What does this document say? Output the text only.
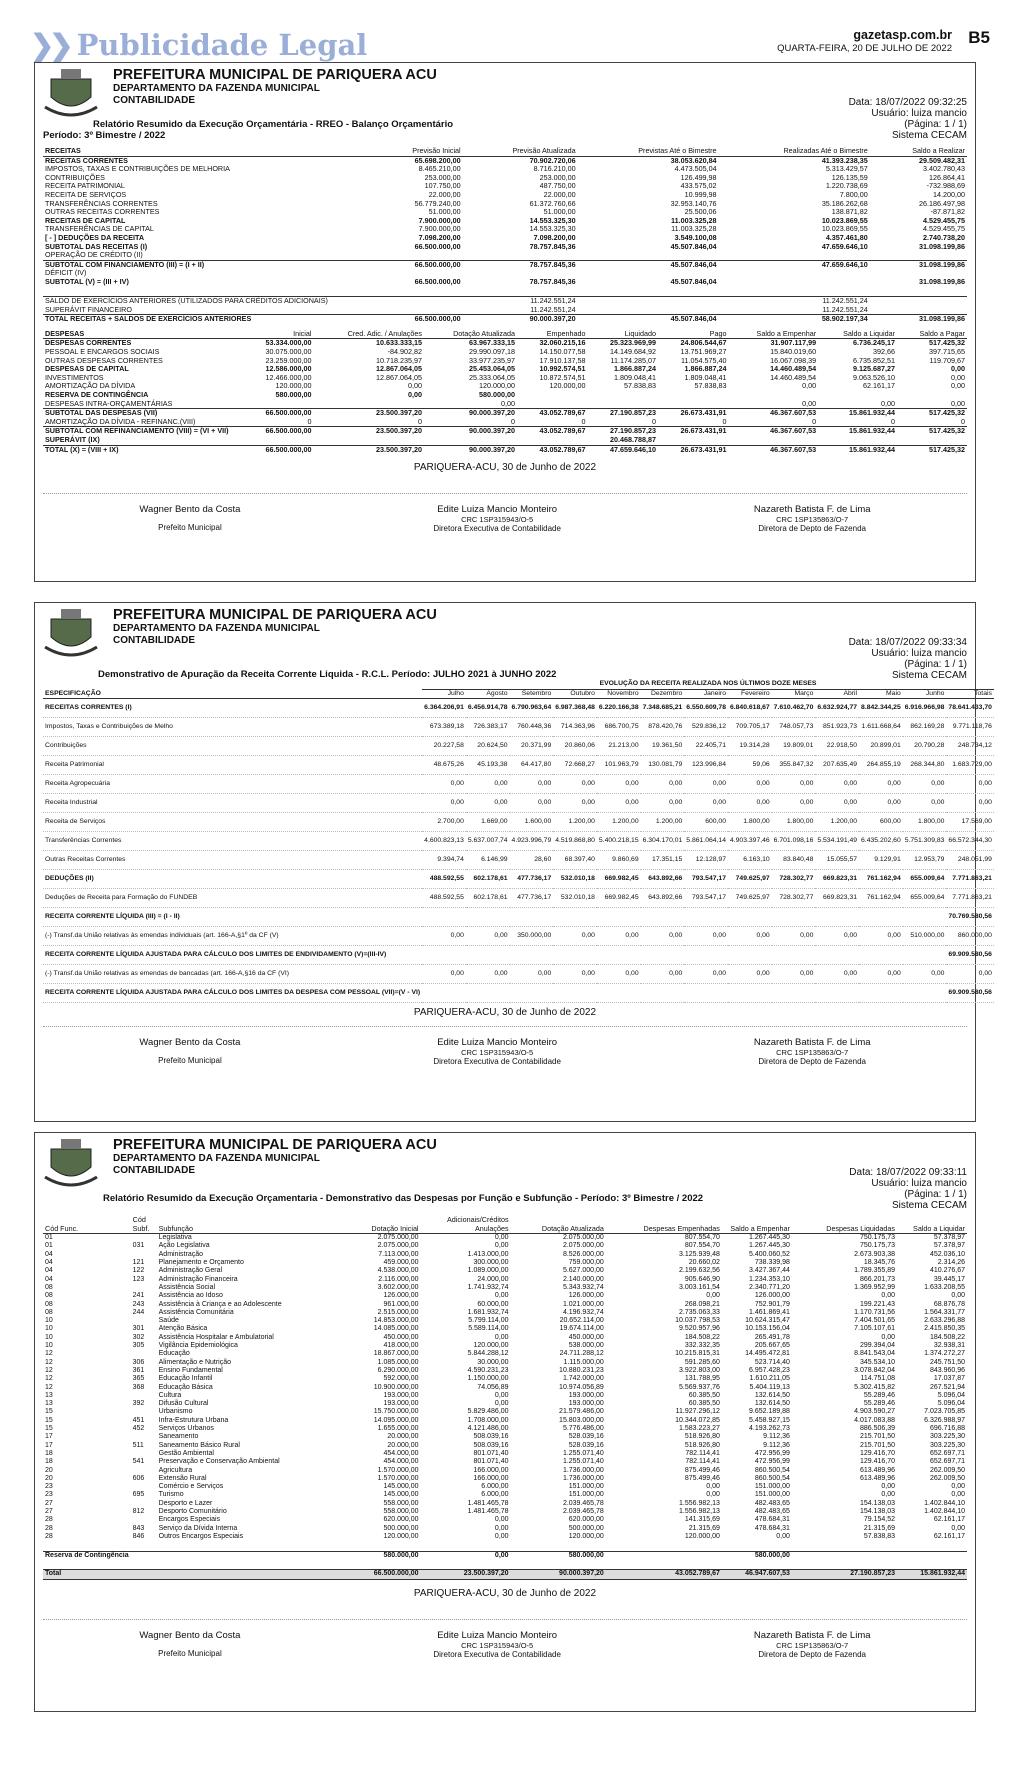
❯❯ Publicidade Legal	gazetasp.com.br
QUARTA-FEIRA, 20 DE JULHO DE 2022
B5
PREFEITURA MUNICIPAL DE PARIQUERA ACU
DEPARTAMENTO DA FAZENDA MUNICIPAL
CONTABILIDADE	Data: 18/07/2022 09:32:25
Usuário: luiza mancio
(Página: 1 / 1)
Sistema CECAM
Relatório Resumido da Execução Orçamentária - RREO - Balanço Orçamentário
Período: 3º Bimestre / 2022
RECEITAS	Previsão Inicial	Previsão Atualizada	Previstas Até o Bimestre	Realizadas Até o Bimestre	Saldo a Realizar
RECEITAS CORRENTES	65.698.200,00	70.902.720,06	38.053.620,84	41.393.238,35	29.509.482,31
IMPOSTOS, TAXAS E CONTRIBUIÇÕES DE MELHORIA	8.465.210,00	8.716.210,00	4.473.505,04	5.313.429,57	3.402.780,43
CONTRIBUIÇÕES	253.000,00	253.000,00	126.499,98	126.135,59	126.864,41
RECEITA PATRIMONIAL	107.750,00	487.750,00	433.575,02	1.220.738,69	-732.988,69
RECEITA DE SERVIÇOS	22.000,00	22.000,00	10.999,98	7.800,00	14.200,00
TRANSFERÊNCIAS CORRENTES	56.779.240,00	61.372.760,66	32.953.140,76	35.186.262,68	26.186.497,98
OUTRAS RECEITAS CORRENTES	51.000,00	51.000,00	25.500,06	138.871,82	-87.871,82
RECEITAS DE CAPITAL	7.900.000,00	14.553.325,30	11.003.325,28	10.023.869,55	4.529.455,75
TRANSFERÊNCIAS DE CAPITAL	7.900.000,00	14.553.325,30	11.003.325,28	10.023.869,55	4.529.455,75
[ - ] DEDUÇÕES DA RECEITA	7.098.200,00	7.098.200,00	3.549.100,08	4.357.461,80	2.740.738,20
SUBTOTAL DAS RECEITAS (I)	66.500.000,00	78.757.845,36	45.507.846,04	47.659.646,10	31.098.199,86
OPERAÇÃO DE CRÉDITO (II)					
SUBTOTAL COM FINANCIAMENTO (III) = (I + II)	66.500.000,00	78.757.845,36	45.507.846,04	47.659.646,10	31.098.199,86
DÉFICIT (IV)					
SUBTOTAL (V) = (III + IV)	66.500.000,00	78.757.845,36	45.507.846,04		31.098.199,86

SALDO DE EXERCÍCIOS ANTERIORES (UTILIZADOS PARA CRÉDITOS ADICIONAIS)		11.242.551,24		11.242.551,24	
SUPERÁVIT FINANCEIRO		11.242.551,24		11.242.551,24	
TOTAL RECEITAS + SALDOS DE EXERCÍCIOS ANTERIORES	66.500.000,00	90.000.397,20	45.507.846,04	58.902.197,34	31.098.199,86
DESPESAS	Inicial	Cred. Adic. / Anulações	Dotação Atualizada	Empenhado	Liquidado	Pago	Saldo a Empenhar	Saldo a Liquidar	Saldo a Pagar
DESPESAS CORRENTES	53.334.000,00	10.633.333,15	63.967.333,15	32.060.215,16	25.323.969,99	24.806.544,67	31.907.117,99	6.736.245,17	517.425,32
PESSOAL E ENCARGOS SOCIAIS	30.075.000,00	-84.902,82	29.990.097,18	14.150.077,58	14.149.684,92	13.751.969,27	15.840.019,60	392,66	397.715,65
OUTRAS DESPESAS CORRENTES	23.259.000,00	10.718.235,97	33.977.235,97	17.910.137,58	11.174.285,07	11.054.575,40	16.067.098,39	6.735.852,51	119.709,67
DESPESAS DE CAPITAL	12.586.000,00	12.867.064,05	25.453.064,05	10.992.574,51	1.866.887,24	1.866.887,24	14.460.489,54	9.125.687,27	0,00
INVESTIMENTOS	12.466.000,00	12.867.064,05	25.333.064,05	10.872.574,51	1.809.048,41	1.809.048,41	14.460.489,54	9.063.526,10	0,00
AMORTIZAÇÃO DA DÍVIDA	120.000,00	0,00	120.000,00	120.000,00	57.838,83	57.838,83	0,00	62.161,17	0,00
RESERVA DE CONTINGÊNCIA	580.000,00	0,00	580.000,00						
DESPESAS INTRA-ORÇAMENTÁRIAS			0,00				0,00	0,00	0,00
SUBTOTAL DAS DESPESAS (VII)	66.500.000,00	23.500.397,20	90.000.397,20	43.052.789,67	27.190.857,23	26.673.431,91	46.367.607,53	15.861.932,44	517.425,32
AMORTIZAÇÃO DA DÍVIDA - REFINANC.(VIII)	0	0	0	0	0	0	0	0	0
SUBTOTAL COM REFINANCIAMENTO (VIII) = (VI + VII)	66.500.000,00	23.500.397,20	90.000.397,20	43.052.789,67	27.190.857,23	26.673.431,91	46.367.607,53	15.861.932,44	517.425,32
SUPERÁVIT (IX)					20.468.788,87				
TOTAL (X) = (VIII + IX)	66.500.000,00	23.500.397,20	90.000.397,20	43.052.789,67	47.659.646,10	26.673.431,91	46.367.607,53	15.861.932,44	517.425,32
PARIQUERA-ACU, 30 de Junho de 2022
Wagner Bento da Costa
Prefeito Municipal
Edite Luiza Mancio Monteiro
CRC 1SP315943/O-5
Diretora Executiva de Contabilidade
Nazareth Batista F. de Lima
CRC 1SP135863/O-7
Diretora de Depto de Fazenda
PREFEITURA MUNICIPAL DE PARIQUERA ACU
DEPARTAMENTO DA FAZENDA MUNICIPAL
CONTABILIDADE	Data: 18/07/2022 09:33:34
Usuário: luiza mancio
(Página: 1 / 1)
Sistema CECAM
Demonstrativo de Apuração da Receita Corrente Liquida - R.C.L. Período: JULHO 2021 à JUNHO 2022
ESPECIFICAÇÃO	EVOLUÇÃO DA RECEITA REALIZADA NOS ÚLTIMOS DOZE MESES												
	Julho	Agosto	Setembro	Outubro	Novembro	Dezembro	Janeiro	Fevereiro	Março	Abril	Maio	Junho	Totais
RECEITAS CORRENTES (I)	6.364.206,91	6.456.914,78	6.790.963,64	6.987.368,48	6.220.166,38	7.348.685,21	6.550.609,78	6.840.618,67	7.610.462,70	6.632.924,77	8.842.344,25	6.916.966,98	78.641.433,70
Impostos, Taxas e Contribuições de Melho	673.389,18	726.383,17	760.448,36	714.363,96	686.700,75	878.420,76	529.836,12	709.705,17	748.057,73	851.923,73	1.611.668,64	862.169,28	9.771.118,76
Contribuições	20.227,58	20.624,50	20.371,99	20.860,06	21.213,00	19.361,50	22.405,71	19.314,28	19.809,01	22.918,50	20.899,01	20.790,28	248.734,12
Receita Patrimonial	48.675,26	45.193,38	64.417,80	72.668,27	101.963,79	130.081,79	123.996,84	59,06	355.847,32	207.635,49	264.855,19	268.344,80	1.683.729,00
Receita Agropecuária	0,00	0,00	0,00	0,00	0,00	0,00	0,00	0,00	0,00	0,00	0,00	0,00	0,00
Receita Industrial	0,00	0,00	0,00	0,00	0,00	0,00	0,00	0,00	0,00	0,00	0,00	0,00	0,00
Receita de Serviços	2.700,00	1.669,00	1.600,00	1.200,00	1.200,00	1.200,00	600,00	1.800,00	1.800,00	1.200,00	600,00	1.800,00	17.569,00
Transferências Correntes	4.600.823,13	5.637.007,74	4.923.996,79	4.519.868,80	5.400.218,15	6.304.170,01	5.861.064,14	4.903.397,46	6.701.098,16	5.534.191,49	6.435.202,60	5.751.309,83	66.572.344,30
Outras Receitas Correntes	9.394,74	6.146,99	28,60	68.397,40	9.860,69	17.351,15	12.128,97	6.163,10	83.840,48	15.055,57	9.129,91	12.953,79	248.051,99
DEDUÇÕES (II)	488.592,55	602.178,61	477.736,17	532.010,18	669.982,45	643.892,66	793.547,17	749.625,97	728.302,77	669.823,31	761.162,94	655.009,64	7.771.863,21
Deduções de Receita para Formação do FUNDEB	488.592,55	602.178,61	477.736,17	532.010,18	669.982,45	643.892,66	793.547,17	749.625,97	728.302,77	669.823,31	761.162,94	655.009,64	7.771.863,21
RECEITA CORRENTE LÍQUIDA (III) = (I - II)													70.769.580,56
(-) Transf.da União relativas às emendas individuais (art. 166-A,§1º da CF (V)	0,00	0,00	350.000,00	0,00	0,00	0,00	0,00	0,00	0,00	0,00	0,00	510.000,00	860.000,00
RECEITA CORRENTE LÍQUIDA AJUSTADA PARA CÁLCULO DOS LIMITES DE ENDIVIDAMENTO (V)=(III-IV)													69.909.580,56
(-) Transf.da União relativas as emendas de bancadas (art. 166-A,§16 da CF (VI)	0,00	0,00	0,00	0,00	0,00	0,00	0,00	0,00	0,00	0,00	0,00	0,00	0,00
RECEITA CORRENTE LÍQUIDA AJUSTADA PARA CÁLCULO DOS LIMITES DA DESPESA COM PESSOAL (VII)=(V - VI)													69.909.580,56
PARIQUERA-ACU, 30 de Junho de 2022
Wagner Bento da Costa
Prefeito Municipal
Edite Luiza Mancio Monteiro
CRC 1SP315943/O-5
Diretora Executiva de Contabilidade
Nazareth Batista F. de Lima
CRC 1SP135863/O-7
Diretora de Depto de Fazenda
PREFEITURA MUNICIPAL DE PARIQUERA ACU
DEPARTAMENTO DA FAZENDA MUNICIPAL
CONTABILIDADE	Data: 18/07/2022 09:33:11
Usuário: luiza mancio
(Página: 1 / 1)
Sistema CECAM
Relatório Resumido da Execução Orçamentaria - Demonstrativo das Despesas por Função e Subfunção - Período: 3º Bimestre / 2022
Cód Func.	Cód Subf.	Subfunção	Dotação Inicial	Adicionais/Créditos Anulações	Dotação Atualizada	Despesas Empenhadas	Saldo a Empenhar	Despesas Liquidadas	Saldo a Liquidar
01		Legislativa	2.075.000,00	0,00	2.075.000,00	807.554,70	1.267.445,30	750.175,73	57.378,97
01	031	Ação Legislativa	2.075.000,00	0,00	2.075.000,00	807.554,70	1.267.445,30	750.175,73	57.378,97
04		Administração	7.113.000,00	1.413.000,00	8.526.000,00	3.125.939,48	5.400.060,52	2.673.903,38	452.036,10
04	121	Planejamento e Orçamento	459.000,00	300.000,00	759.000,00	20.660,02	738.339,98	18.345,76	2.314,26
04	122	Administração Geral	4.538.000,00	1.089.000,00	5.627.000,00	2.199.632,56	3.427.367,44	1.789.355,89	410.276,67
04	123	Administração Financeira	2.116.000,00	24.000,00	2.140.000,00	905.646,90	1.234.353,10	866.201,73	39.445,17
08		Assistência Social	3.602.000,00	1.741.932,74	5.343.932,74	3.003.161,54	2.340.771,20	1.369.952,99	1.633.208,55
08	241	Assistência ao Idoso	126.000,00	0,00	126.000,00	0,00	126.000,00	0,00	0,00
08	243	Assistência à Criança e ao Adolescente	961.000,00	60.000,00	1.021.000,00	268.098,21	752.901,79	199.221,43	68.876,78
08	244	Assistência Comunitária	2.515.000,00	1.681.932,74	4.196.932,74	2.735.063,33	1.461.869,41	1.170.731,56	1.564.331,77
10		Saúde	14.853.000,00	5.799.114,00	20.652.114,00	10.037.798,53	10.624.315,47	7.404.501,65	2.633.296,88
10	301	Atenção Básica	14.085.000,00	5.589.114,00	19.674.114,00	9.520.957,96	10.153.156,04	7.105.107,61	2.415.850,35
10	302	Assistência Hospitalar e Ambulatorial	450.000,00	0,00	450.000,00	184.508,22	265.491,78	0,00	184.508,22
10	305	Vigilância Epidemiológica	418.000,00	120.000,00	538.000,00	332.332,35	205.667,65	299.394,04	32.938,31
12		Educação	18.867.000,00	5.844.288,12	24.711.288,12	10.215.815,31	14.495.472,81	8.841.543,04	1.374.272,27
12	306	Alimentação e Nutrição	1.085.000,00	30.000,00	1.115.000,00	591.285,60	523.714,40	345.534,10	245.751,50
12	361	Ensino Fundamental	6.290.000,00	4.590.231,23	10.880.231,23	3.922.803,00	6.957.428,23	3.078.842,04	843.960,96
12	365	Educação Infantil	592.000,00	1.150.000,00	1.742.000,00	131.788,95	1.610.211,05	114.751,08	17.037,87
12	368	Educação Básica	10.900.000,00	74.056,89	10.974.056,89	5.569.937,76	5.404.119,13	5.302.415,82	267.521,94
13		Cultura	193.000,00	0,00	193.000,00	60.385,50	132.614,50	55.289,46	5.096,04
13	392	Difusão Cultural	193.000,00	0,00	193.000,00	60.385,50	132.614,50	55.289,46	5.096,04
15		Urbanismo	15.750.000,00	5.829.486,00	21.579.486,00	11.927.296,12	9.652.189,88	4.903.590,27	7.023.705,85
15	451	Infra-Estrutura Urbana	14.095.000,00	1.708.000,00	15.803.000,00	10.344.072,85	5.458.927,15	4.017.083,88	6.326.988,97
15	452	Serviços Urbanos	1.655.000,00	4.121.486,00	5.776.486,00	1.583.223,27	4.193.262,73	886.506,39	696.716,88
17		Saneamento	20.000,00	508.039,16	528.039,16	518.926,80	9.112,36	215.701,50	303.225,30
17	511	Saneamento Básico Rural	20.000,00	508.039,16	528.039,16	518.926,80	9.112,36	215.701,50	303.225,30
18		Gestão Ambiental	454.000,00	801.071,40	1.255.071,40	782.114,41	472.956,99	129.416,70	652.697,71
18	541	Preservação e Conservação Ambiental	454.000,00	801.071,40	1.255.071,40	782.114,41	472.956,99	129.416,70	652.697,71
20		Agricultura	1.570.000,00	166.000,00	1.736.000,00	875.499,46	860.500,54	613.489,96	262.009,50
20	606	Extensão Rural	1.570.000,00	166.000,00	1.736.000,00	875.499,46	860.500,54	613.489,96	262.009,50
23		Comércio e Serviços	145.000,00	6.000,00	151.000,00	0,00	151.000,00	0,00	0,00
23	695	Turismo	145.000,00	6.000,00	151.000,00	0,00	151.000,00	0,00	0,00
27		Desporto e Lazer	558.000,00	1.481.465,78	2.039.465,78	1.556.982,13	482.483,65	154.138,03	1.402.844,10
27	812	Desporto Comunitário	558.000,00	1.481.465,78	2.039.465,78	1.556.982,13	482.483,65	154.138,03	1.402.844,10
28		Encargos Especiais	620.000,00	0,00	620.000,00	141.315,69	478.684,31	79.154,52	62.161,17
28	843	Serviço da Dívida Interna	500.000,00	0,00	500.000,00	21.315,69	478.684,31	21.315,69	0,00
28	846	Outros Encargos Especiais	120.000,00	0,00	120.000,00	120.000,00	0,00	57.838,83	62.161,17

Reserva de Contingência			580.000,00	0,00	580.000,00		580.000,00		

Total			66.500.000,00	23.500.397,20	90.000.397,20	43.052.789,67	46.947.607,53	27.190.857,23	15.861.932,44
PARIQUERA-ACU, 30 de Junho de 2022
Wagner Bento da Costa
Prefeito Municipal
Edite Luiza Mancio Monteiro
CRC 1SP315943/O-5
Diretora Executiva de Contabilidade
Nazareth Batista F. de Lima
CRC 1SP135863/O-7
Diretora de Depto de Fazenda
